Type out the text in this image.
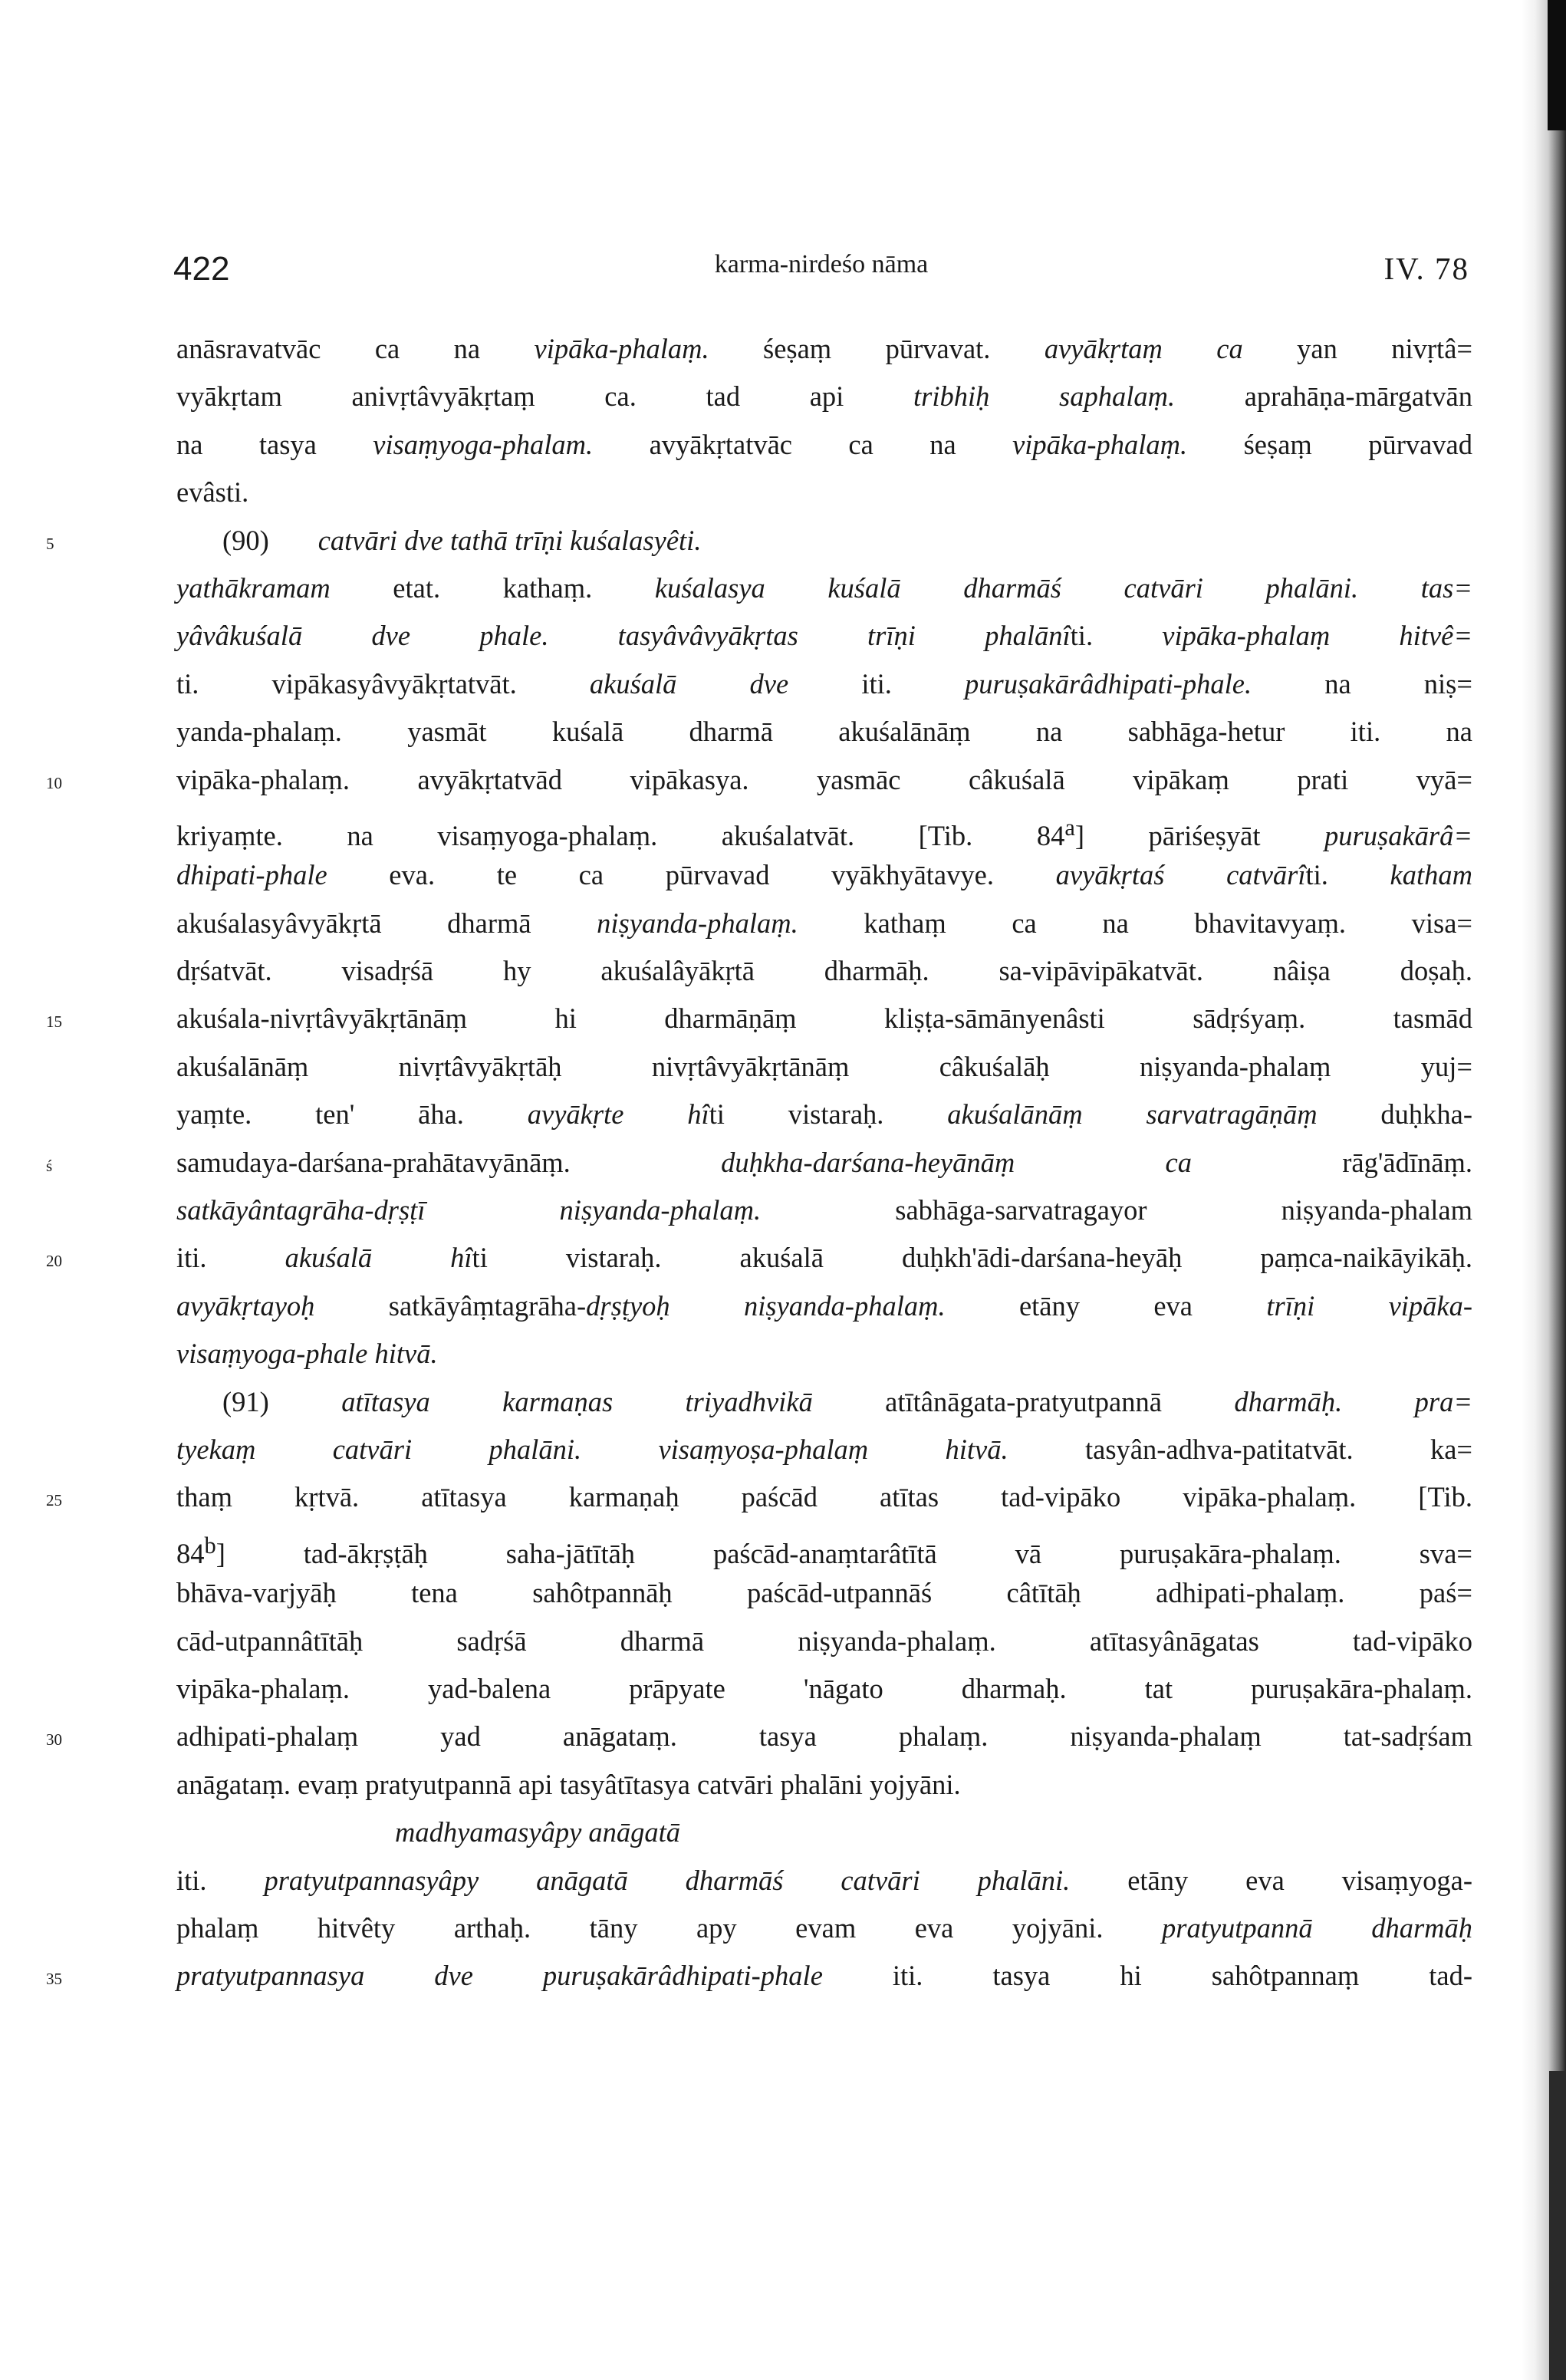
422	karma-nirdeśo nāma	IV. 78
anāsravatvāc ca na vipāka-phalaṃ. śeṣaṃ pūrvavat. avyākṛtaṃ ca yan nivṛtâ=
vyākṛtam anivṛtâvyākṛtaṃ ca. tad api tribhiḥ saphalaṃ. aprahāṇa-mārgatvān
na tasya visaṃyoga-phalam. avyākṛtatvāc ca na vipāka-phalaṃ. śeṣaṃ pūrvavad
evâsti.
5	(90) catvāri dve tathā trīṇi kuśalasyêti.
yathākramam etat. kathaṃ. kuśalasya kuśalā dharmāś catvāri phalāni. tas=
yâvâkuśalā dve phale. tasyâvâvyākṛtas trīṇi phalānîti. vipāka-phalaṃ hitvê=
ti. vipākasyâvyākṛtatvāt. akuśalā dve iti. puruṣakārâdhipati-phale. na niṣ=
yanda-phalaṃ. yasmāt kuśalā dharmā akuśalānāṃ na sabhāga-hetur iti. na
10	vipāka-phalaṃ. avyākṛtatvād vipākasya. yasmāc câkuśalā vipākaṃ prati vyā=
kriyaṃte. na visaṃyoga-phalaṃ. akuśalatvāt. [Tib. 84$^a$] pāriśeṣyāt puruṣakārâ=
dhipati-phale eva. te ca pūrvavad vyākhyātavye. avyākṛtaś catvārîti. katham
akuśalasyâvyākṛtā dharmā niṣyanda-phalaṃ. kathaṃ ca na bhavitavyaṃ. visa=
dṛśatvāt. visadṛśā hy akuśalâyākṛtā dharmāḥ. sa-vipāvipākatvāt. nâiṣa doṣaḥ.
15	akuśala-nivṛtâvyākṛtānāṃ hi dharmāṇāṃ kliṣṭa-sāmānyenâsti sādṛśyaṃ. tasmād
akuśalānāṃ nivṛtâvyākṛtāḥ nivṛtâvyākṛtānāṃ câkuśalāḥ niṣyanda-phalaṃ yuj=
yaṃte. ten' āha. avyākṛte hîti vistaraḥ. akuśalānāṃ sarvatragāṇāṃ duḥkha-
ś	samudaya-darśana-prahātavyānāṃ. duḥkha-darśana-heyānāṃ ca rāg'ādīnāṃ.
satkāyântagrāha-dṛṣṭī niṣyanda-phalaṃ. sabhāga-sarvatragayor niṣyanda-phalam
20	iti. akuśalā hîti vistaraḥ. akuśalā duḥkh'ādi-darśana-heyāḥ paṃca-naikāyikāḥ.
avyākṛtayoḥ satkāyâṃtagrāha-dṛṣṭyoḥ niṣyanda-phalaṃ. etāny eva trīṇi vipāka-
visaṃyoga-phale hitvā.
(91) atītasya karmaṇas triyadhvikā atītânāgata-pratyutpannā dharmāḥ. pra=
tyekaṃ catvāri phalāni. visaṃyoṣa-phalaṃ hitvā. tasyân-adhva-patitatvāt. ka=
25	thaṃ kṛtvā. atītasya karmaṇaḥ paścād atītas tad-vipāko vipāka-phalaṃ. [Tib.
84$^b$] tad-ākṛṣṭāḥ saha-jātītāḥ paścād-anaṃtarâtītā vā puruṣakāra-phalaṃ. sva=
bhāva-varjyāḥ tena sahôtpannāḥ paścād-utpannāś câtītāḥ adhipati-phalaṃ. paś=
cād-utpannâtītāḥ sadṛśā dharmā niṣyanda-phalaṃ. atītasyânāgatas tad-vipāko
vipāka-phalaṃ. yad-balena prāpyate 'nāgato dharmaḥ. tat puruṣakāra-phalaṃ.
30	adhipati-phalaṃ yad anāgataṃ. tasya phalaṃ. niṣyanda-phalaṃ tat-sadṛśam
anāgataṃ. evaṃ pratyutpannā api tasyâtītasya catvāri phalāni yojyāni.
madhyamasyâpy anāgatā
iti. pratyutpannasyâpy anāgatā dharmāś catvāri phalāni. etāny eva visaṃyoga-
phalaṃ hitvêty arthaḥ. tāny apy evam eva yojyāni. pratyutpannā dharmāḥ
35	pratyutpannasya dve puruṣakārâdhipati-phale iti. tasya hi sahôtpannaṃ tad-
